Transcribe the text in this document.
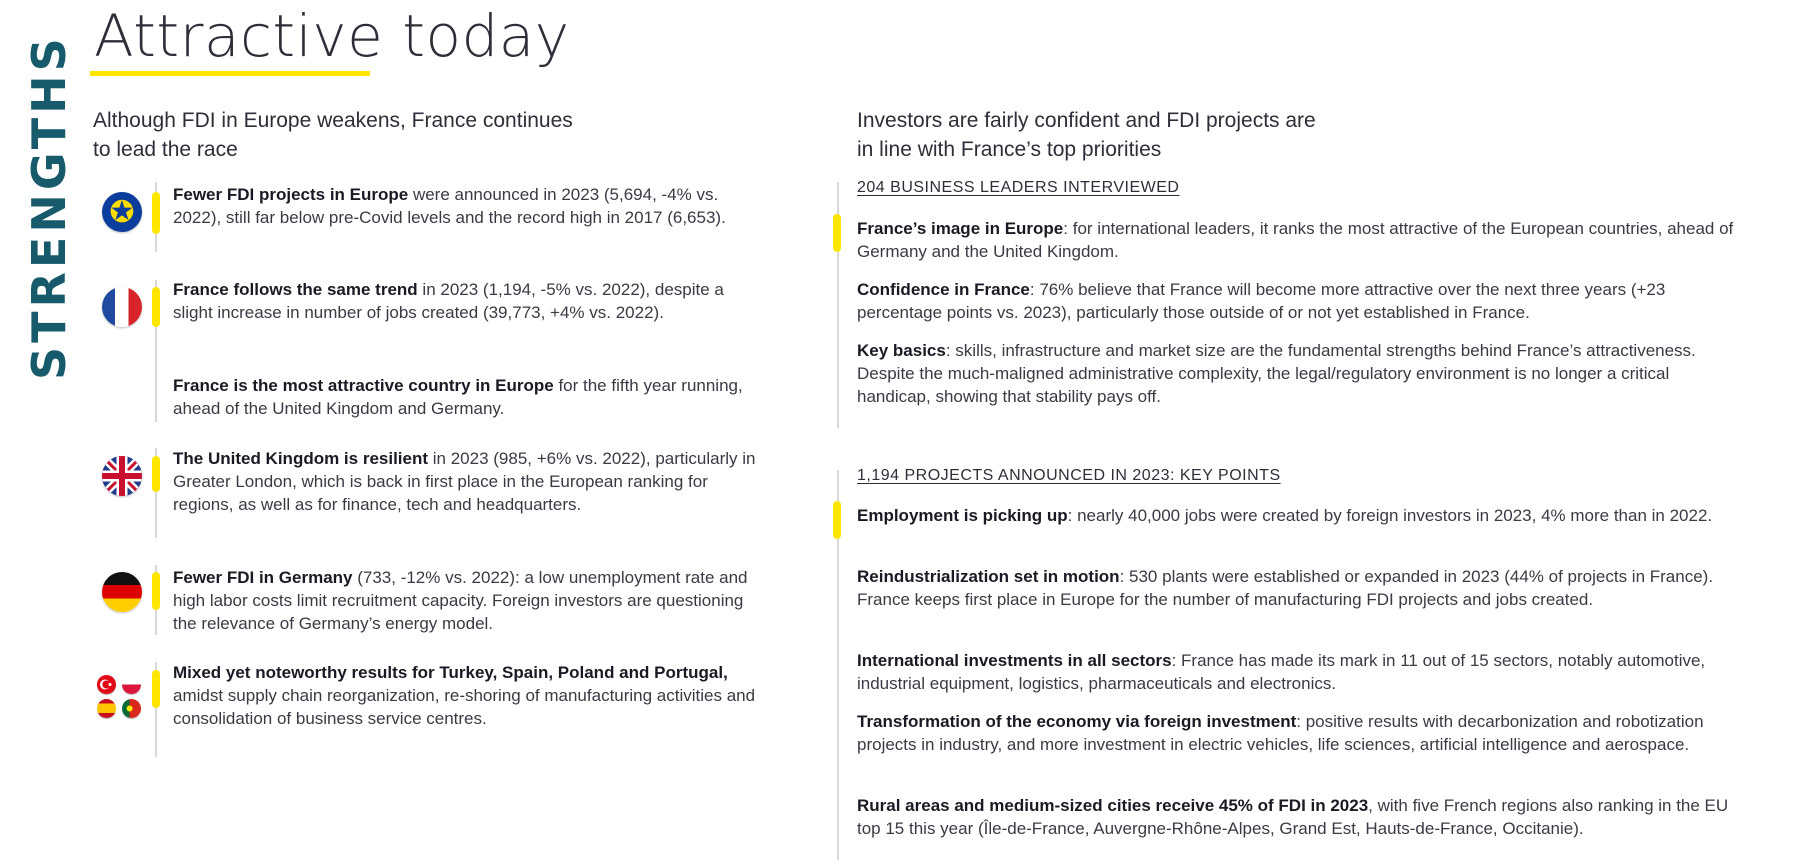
Attractive today
STRENGTHS Although FDI in Europe weakens, France continues
to lead the race
✪
Fewer FDI projects in Europe were announced in 2023 (5,694, -4% vs. 2022), still far below pre-Covid levels and the record high in 2017 (6,653).
France follows the same trend in 2023 (1,194, -5% vs. 2022), despite a slight increase in number of jobs created (39,773, +4% vs. 2022).
France is the most attractive country in Europe for the fifth year running, ahead of the United Kingdom and Germany.
The United Kingdom is resilient in 2023 (985, +6% vs. 2022), particularly in Greater London, which is back in first place in the European ranking for regions, as well as for finance, tech and headquarters.
Fewer FDI in Germany (733, -12% vs. 2022): a low unemployment rate and high labor costs limit recruitment capacity. Foreign investors are questioning the relevance of Germany’s energy model.
Mixed yet noteworthy results for Turkey, Spain, Poland and Portugal, amidst supply chain reorganization, re-shoring of manufacturing activities and consolidation of business service centres.
Investors are fairly confident and FDI projects are
in line with France’s top priorities
204 BUSINESS LEADERS INTERVIEWED

France’s image in Europe: for international leaders, it ranks the most attractive of the European countries, ahead of Germany and the United Kingdom.

Confidence in France: 76% believe that France will become more attractive over the next three years (+23 percentage points vs. 2023), particularly those outside of or not yet established in France.

Key basics: skills, infrastructure and market size are the fundamental strengths behind France’s attractiveness. Despite the much-maligned administrative complexity, the legal/regulatory environment is no longer a critical handicap, showing that stability pays off.

1,194 PROJECTS ANNOUNCED IN 2023: KEY POINTS

Employment is picking up: nearly 40,000 jobs were created by foreign investors in 2023, 4% more than in 2022.

Reindustrialization set in motion: 530 plants were established or expanded in 2023 (44% of projects in France). France keeps first place in Europe for the number of manufacturing FDI projects and jobs created.

International investments in all sectors: France has made its mark in 11 out of 15 sectors, notably automotive, industrial equipment, logistics, pharmaceuticals and electronics.

Transformation of the economy via foreign investment: positive results with decarbonization and robotization projects in industry, and more investment in electric vehicles, life sciences, artificial intelligence and aerospace.

Rural areas and medium-sized cities receive 45% of FDI in 2023, with five French regions also ranking in the EU top 15 this year (Île-de-France, Auvergne-Rhône-Alpes, Grand Est, Hauts-de-France, Occitanie).
